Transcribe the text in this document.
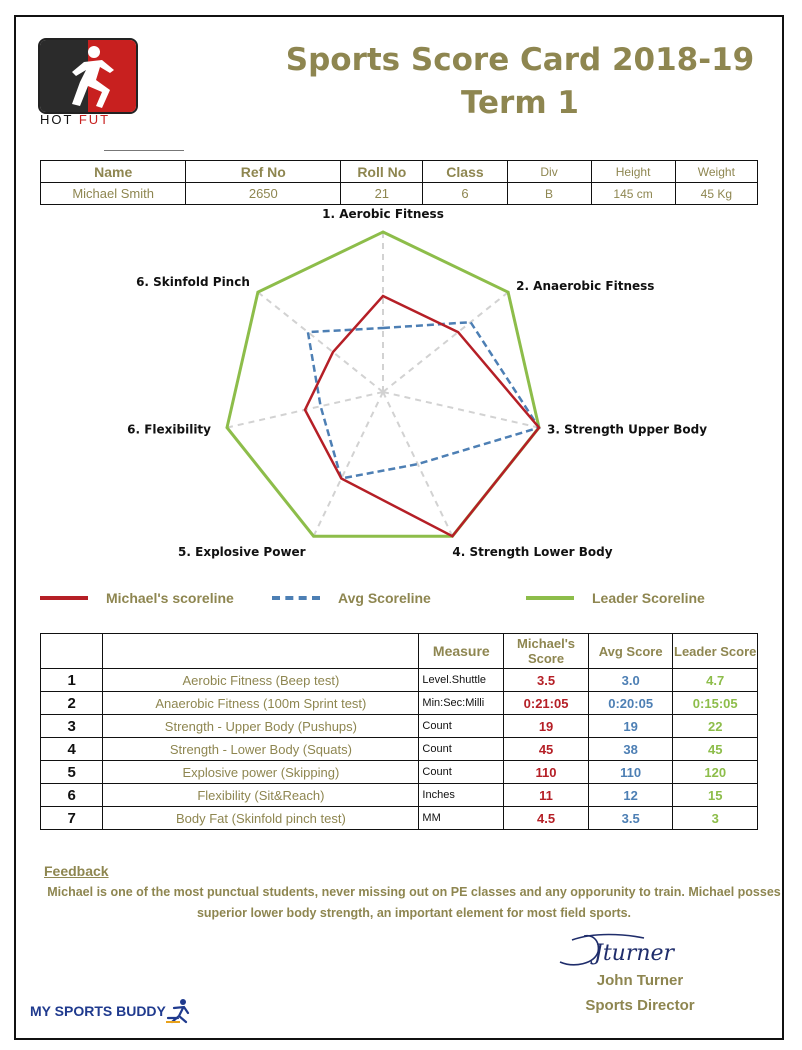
HOT FUT
Sports Score Card 2018-19
Term 1
Name	Ref No	Roll No	Class	Div	Height	Weight
Michael Smith	2650	21	6	B	145 cm	45 Kg
1. Aerobic Fitness
2. Anaerobic Fitness
3. Strength Upper Body
4. Strength Lower Body
5. Explosive Power
6. Flexibility
6. Skinfold Pinch
Michael's scoreline	Avg Scoreline	Leader Scoreline
		Measure	Michael's Score	Avg Score	Leader Score
1	Aerobic Fitness (Beep test)	Level.Shuttle	3.5	3.0	4.7
2	Anaerobic Fitness (100m Sprint test)	Min:Sec:Milli	0:21:05	0:20:05	0:15:05
3	Strength - Upper Body (Pushups)	Count	19	19	22
4	Strength - Lower Body (Squats)	Count	45	38	45
5	Explosive power (Skipping)	Count	110	110	120
6	Flexibility (Sit&Reach)	Inches	11	12	15
7	Body Fat (Skinfold pinch test)	MM	4.5	3.5	3
Feedback
Michael is one of the most punctual students, never missing out on PE classes and any opporunity to train. Michael posses superior lower body strength, an important element for most field sports.
Jturner
John Turner
Sports Director
MY SPORTS BUDDY
